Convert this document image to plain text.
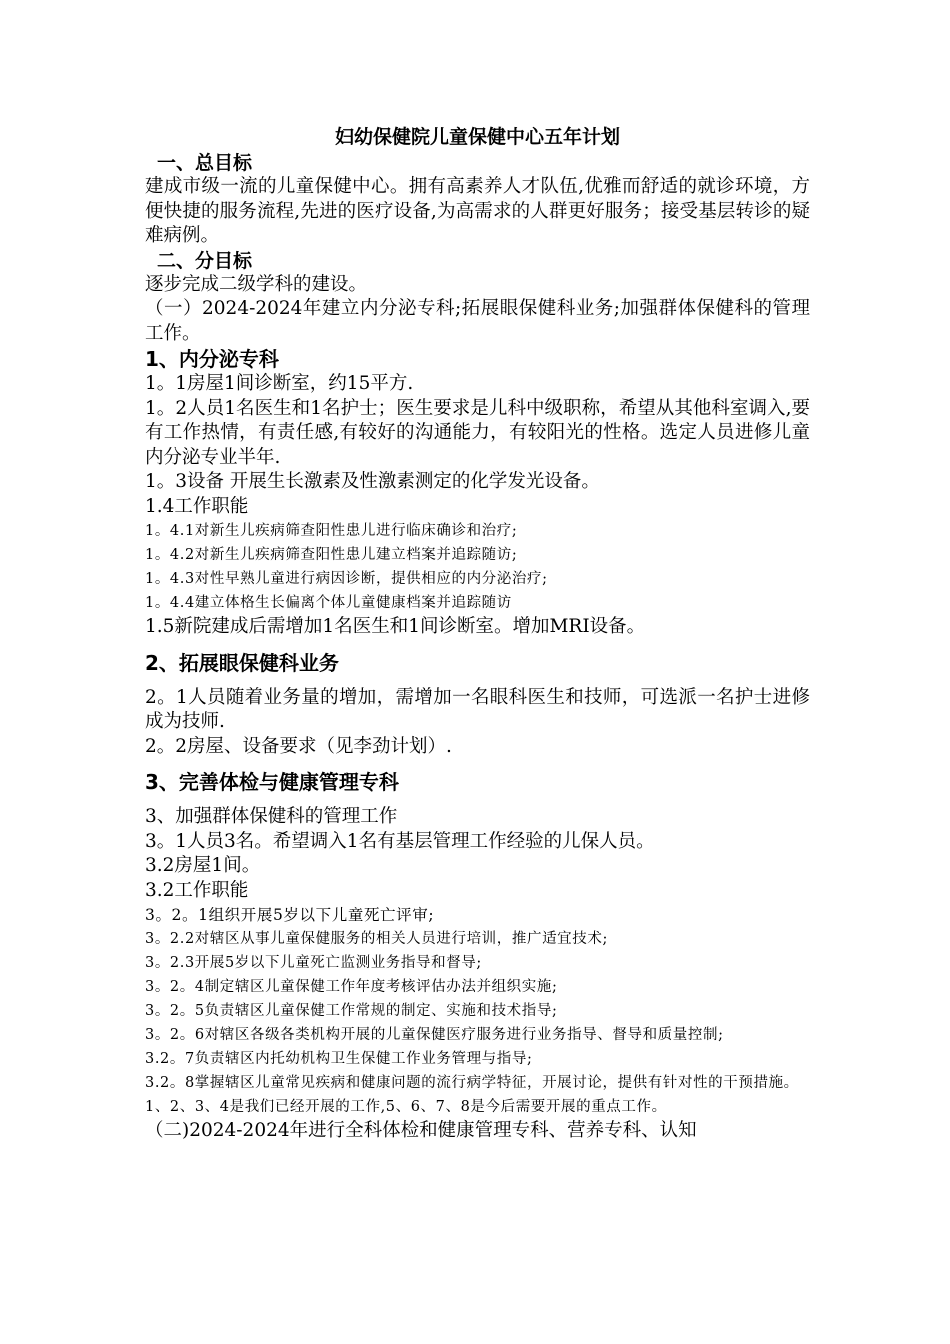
妇幼保健院儿童保健中心五年计划

一、总目标

建成市级一流的儿童保健中心。拥有高素养人才队伍,优雅而舒适的就诊环境，方便快捷的服务流程,先进的医疗设备,为高需求的人群更好服务；接受基层转诊的疑难病例。

二、分目标

逐步完成二级学科的建设。

（一）2024-2024年建立内分泌专科;拓展眼保健科业务;加强群体保健科的管理工作。

1、内分泌专科

1。1房屋1间诊断室，约15平方.

1。2人员1名医生和1名护士；医生要求是儿科中级职称，希望从其他科室调入,要有工作热情，有责任感,有较好的沟通能力，有较阳光的性格。选定人员进修儿童内分泌专业半年.

1。3设备 开展生长激素及性激素测定的化学发光设备。

1.4工作职能

1。4.1对新生儿疾病筛查阳性患儿进行临床确诊和治疗;

1。4.2对新生儿疾病筛查阳性患儿建立档案并追踪随访;

1。4.3对性早熟儿童进行病因诊断，提供相应的内分泌治疗;

1。4.4建立体格生长偏离个体儿童健康档案并追踪随访

1.5新院建成后需增加1名医生和1间诊断室。增加MRI设备。

2、拓展眼保健科业务

2。1人员随着业务量的增加，需增加一名眼科医生和技师，可选派一名护士进修成为技师.

2。2房屋、设备要求（见李劲计划）.

3、完善体检与健康管理专科

3、加强群体保健科的管理工作

3。1人员3名。希望调入1名有基层管理工作经验的儿保人员。

3.2房屋1间。

3.2工作职能

3。2。1组织开展5岁以下儿童死亡评审;

3。2.2对辖区从事儿童保健服务的相关人员进行培训，推广适宜技术;

3。2.3开展5岁以下儿童死亡监测业务指导和督导;

3。2。4制定辖区儿童保健工作年度考核评估办法并组织实施;

3。2。5负责辖区儿童保健工作常规的制定、实施和技术指导;

3。2。6对辖区各级各类机构开展的儿童保健医疗服务进行业务指导、督导和质量控制;

3.2。7负责辖区内托幼机构卫生保健工作业务管理与指导;

3.2。8掌握辖区儿童常见疾病和健康问题的流行病学特征，开展讨论，提供有针对性的干预措施。

1、2、3、4是我们已经开展的工作,5、6、7、8是今后需要开展的重点工作。

（二)2024-2024年进行全科体检和健康管理专科、营养专科、认知
